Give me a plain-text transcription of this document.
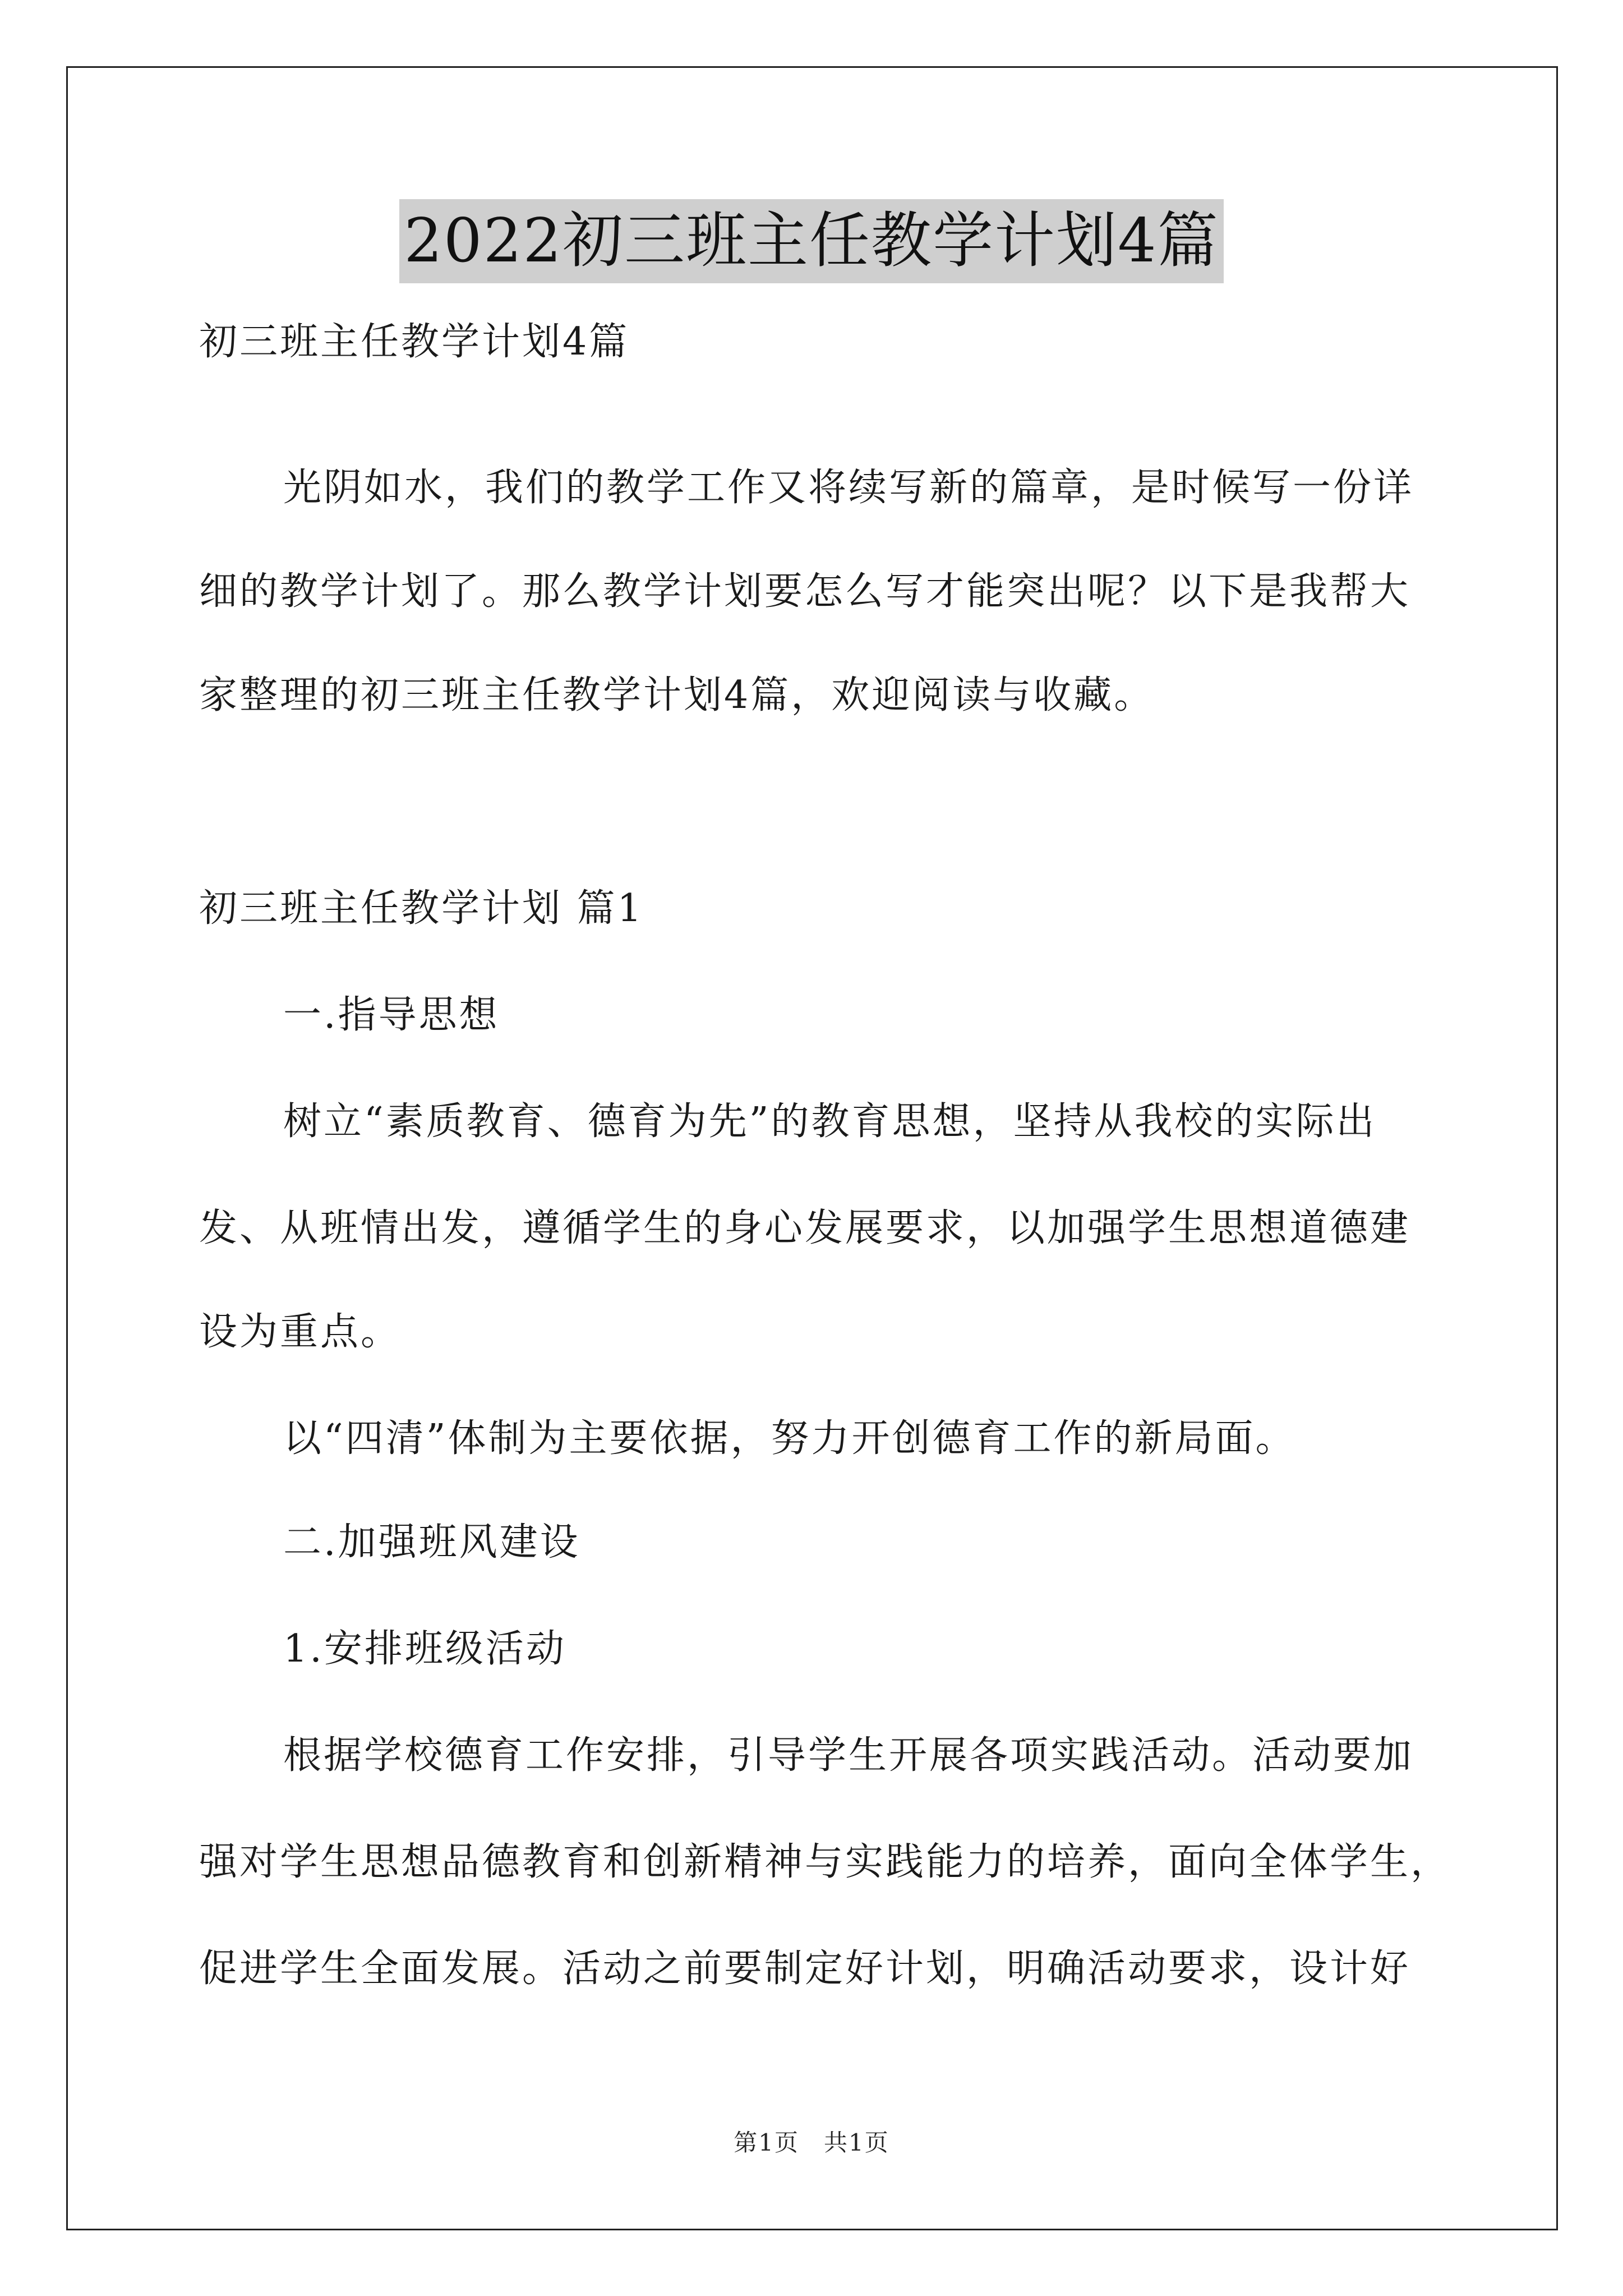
2022初三班主任教学计划4篇
初三班主任教学计划4篇
光阴如水，我们的教学工作又将续写新的篇章，是时候写一份详
细的教学计划了。那么教学计划要怎么写才能突出呢？以下是我帮大
家整理的初三班主任教学计划4篇，欢迎阅读与收藏。
初三班主任教学计划 篇1
一.指导思想
树立“素质教育、德育为先”的教育思想，坚持从我校的实际出
发、从班情出发，遵循学生的身心发展要求，以加强学生思想道德建
设为重点。
以“四清”体制为主要依据，努力开创德育工作的新局面。
二.加强班风建设
1.安排班级活动
根据学校德育工作安排，引导学生开展各项实践活动。活动要加
强对学生思想品德教育和创新精神与实践能力的培养，面向全体学生，
促进学生全面发展。活动之前要制定好计划，明确活动要求，设计好
第1页　共1页
